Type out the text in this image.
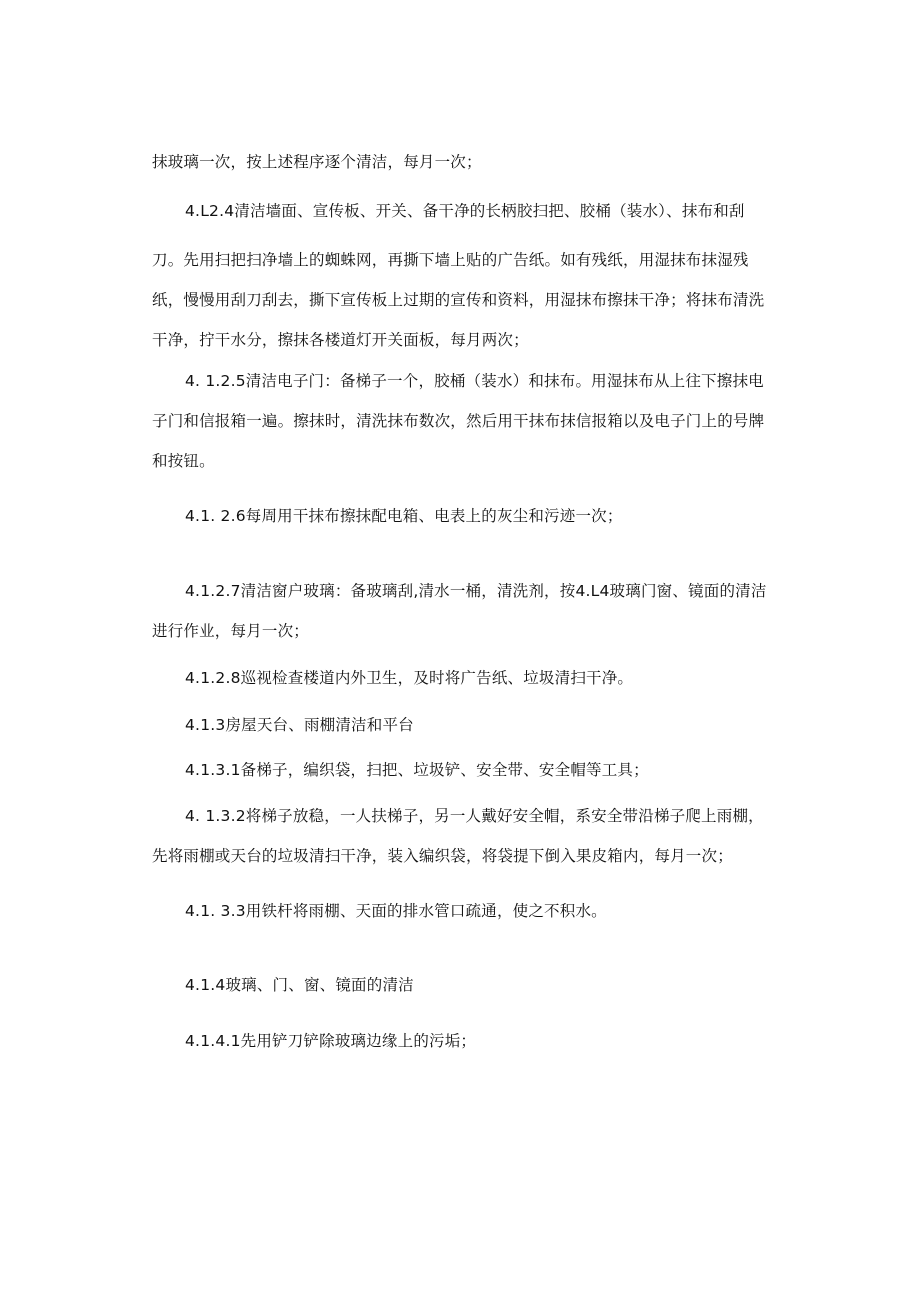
抹玻璃一次，按上述程序逐个清洁，每月一次；

4.L2.4清洁墙面、宣传板、开关、备干净的长柄胶扫把、胶桶（装水）、抹布和刮

刀。先用扫把扫净墙上的蜘蛛网，再撕下墙上贴的广告纸。如有残纸，用湿抹布抹湿残

纸，慢慢用刮刀刮去，撕下宣传板上过期的宣传和资料，用湿抹布擦抹干净；将抹布清洗

干净，拧干水分，擦抹各楼道灯开关面板，每月两次；

4. 1.2.5清洁电子门：备梯子一个，胶桶（装水）和抹布。用湿抹布从上往下擦抹电

子门和信报箱一遍。擦抹时，清洗抹布数次，然后用干抹布抹信报箱以及电子门上的号牌

和按钮。

4.1. 2.6每周用干抹布擦抹配电箱、电表上的灰尘和污迹一次；

4.1.2.7清洁窗户玻璃：备玻璃刮,清水一桶，清洗剂，按4.L4玻璃门窗、镜面的清洁

进行作业，每月一次；

4.1.2.8巡视检查楼道内外卫生，及时将广告纸、垃圾清扫干净。

4.1.3房屋天台、雨棚清洁和平台

4.1.3.1备梯子，编织袋，扫把、垃圾铲、安全带、安全帽等工具；

4. 1.3.2将梯子放稳，一人扶梯子，另一人戴好安全帽，系安全带沿梯子爬上雨棚，

先将雨棚或天台的垃圾清扫干净，装入编织袋，将袋提下倒入果皮箱内，每月一次；

4.1. 3.3用铁杆将雨棚、天面的排水管口疏通，使之不积水。

4.1.4玻璃、门、窗、镜面的清洁

4.1.4.1先用铲刀铲除玻璃边缘上的污垢；
